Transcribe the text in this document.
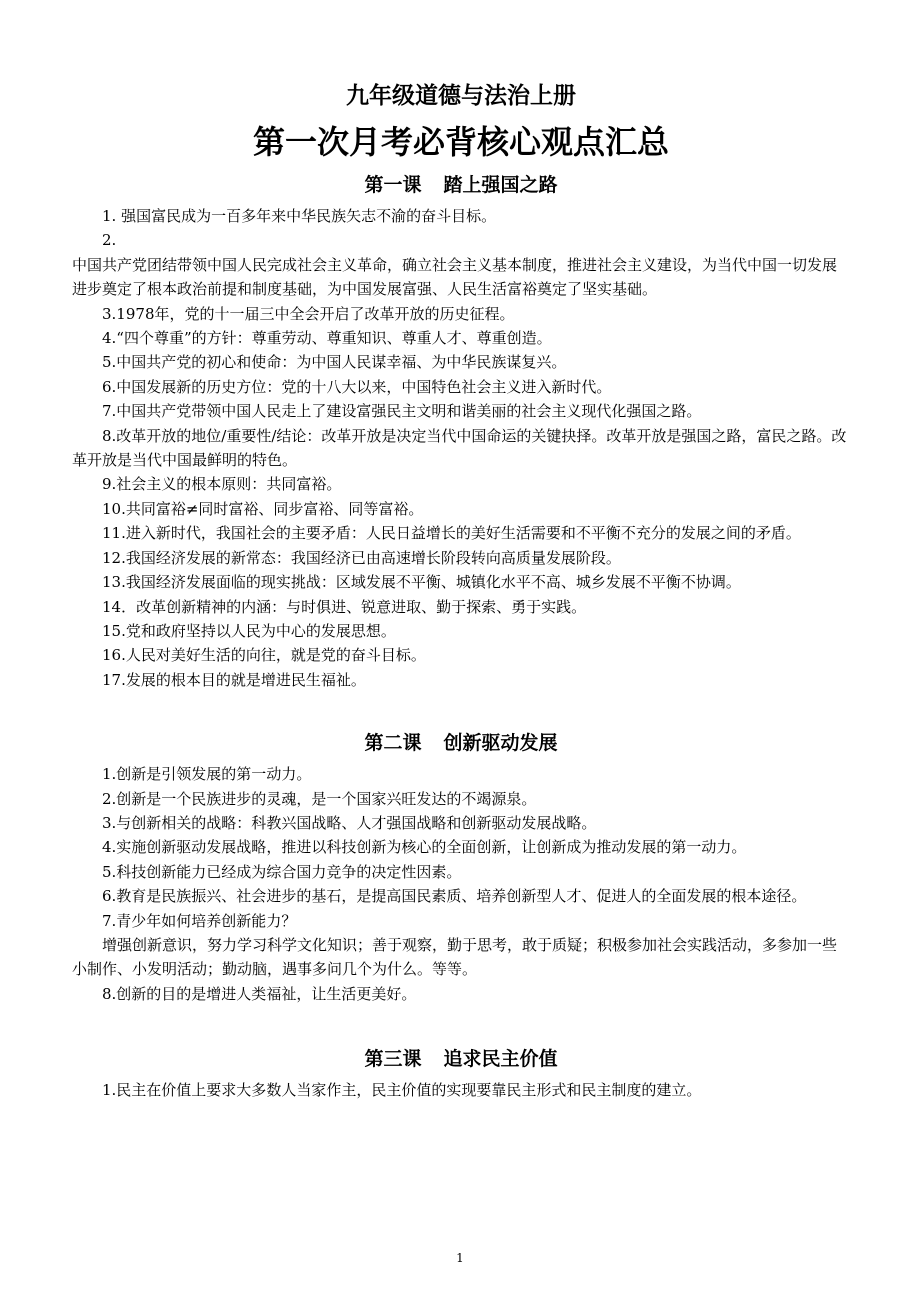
九年级道德与法治上册
第一次月考必背核心观点汇总
第一课 踏上强国之路

1. 强国富民成为一百多年来中华民族矢志不渝的奋斗目标。

2.

中国共产党团结带领中国人民完成社会主义革命，确立社会主义基本制度，推进社会主义建设，为当代中国一切发展进步奠定了根本政治前提和制度基础，为中国发展富强、人民生活富裕奠定了坚实基础。

3.1978年，党的十一届三中全会开启了改革开放的历史征程。

4.“四个尊重”的方针：尊重劳动、尊重知识、尊重人才、尊重创造。

5.中国共产党的初心和使命：为中国人民谋幸福、为中华民族谋复兴。

6.中国发展新的历史方位：党的十八大以来，中国特色社会主义进入新时代。

7.中国共产党带领中国人民走上了建设富强民主文明和谐美丽的社会主义现代化强国之路。

8.改革开放的地位/重要性/结论：改革开放是决定当代中国命运的关键抉择。改革开放是强国之路，富民之路。改革开放是当代中国最鲜明的特色。

9.社会主义的根本原则：共同富裕。

10.共同富裕≠同时富裕、同步富裕、同等富裕。

11.进入新时代，我国社会的主要矛盾：人民日益增长的美好生活需要和不平衡不充分的发展之间的矛盾。

12.我国经济发展的新常态：我国经济已由高速增长阶段转向高质量发展阶段。

13.我国经济发展面临的现实挑战：区域发展不平衡、城镇化水平不高、城乡发展不平衡不协调。

14．改革创新精神的内涵：与时俱进、锐意进取、勤于探索、勇于实践。

15.党和政府坚持以人民为中心的发展思想。

16.人民对美好生活的向往，就是党的奋斗目标。

17.发展的根本目的就是增进民生福祉。

第二课 创新驱动发展

1.创新是引领发展的第一动力。

2.创新是一个民族进步的灵魂，是一个国家兴旺发达的不竭源泉。

3.与创新相关的战略：科教兴国战略、人才强国战略和创新驱动发展战略。

4.实施创新驱动发展战略，推进以科技创新为核心的全面创新，让创新成为推动发展的第一动力。

5.科技创新能力已经成为综合国力竞争的决定性因素。

6.教育是民族振兴、社会进步的基石，是提高国民素质、培养创新型人才、促进人的全面发展的根本途径。

7.青少年如何培养创新能力？

增强创新意识，努力学习科学文化知识；善于观察，勤于思考，敢于质疑；积极参加社会实践活动，多参加一些小制作、小发明活动；勤动脑，遇事多问几个为什么。等等。

8.创新的目的是增进人类福祉，让生活更美好。

第三课 追求民主价值

1.民主在价值上要求大多数人当家作主，民主价值的实现要靠民主形式和民主制度的建立。

1
